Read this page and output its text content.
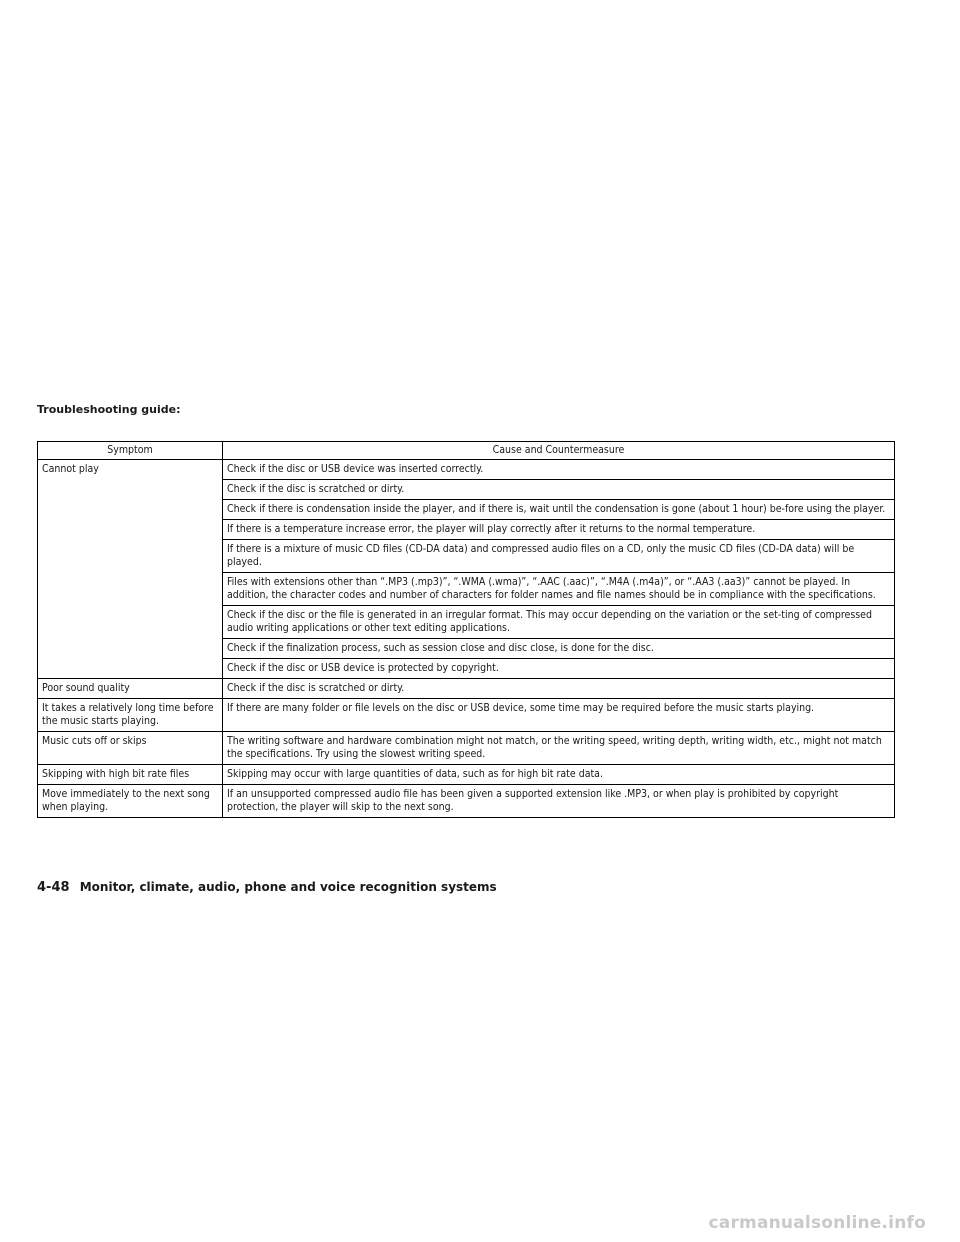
Troubleshooting guide:
Symptom	Cause and Countermeasure
Cannot play	Check if the disc or USB device was inserted correctly.
	Check if the disc is scratched or dirty.
	Check if there is condensation inside the player, and if there is, wait until the condensation is gone (about 1 hour) be-fore using the player.
	If there is a temperature increase error, the player will play correctly after it returns to the normal temperature.
	If there is a mixture of music CD files (CD-DA data) and compressed audio files on a CD, only the music CD files (CD-DA data) will be played.
	Files with extensions other than “.MP3 (.mp3)”, “.WMA (.wma)”, “.AAC (.aac)”, “.M4A (.m4a)”, or “.AA3 (.aa3)” cannot be played. In addition, the character codes and number of characters for folder names and file names should be in compliance with the specifications.
	Check if the disc or the file is generated in an irregular format. This may occur depending on the variation or the set-ting of compressed audio writing applications or other text editing applications.
	Check if the finalization process, such as session close and disc close, is done for the disc.
	Check if the disc or USB device is protected by copyright.
Poor sound quality	Check if the disc is scratched or dirty.
It takes a relatively long time before the music starts playing.	If there are many folder or file levels on the disc or USB device, some time may be required before the music starts playing.
Music cuts off or skips	The writing software and hardware combination might not match, or the writing speed, writing depth, writing width, etc., might not match the specifications. Try using the slowest writing speed.
Skipping with high bit rate files	Skipping may occur with large quantities of data, such as for high bit rate data.
Move immediately to the next song when playing.	If an unsupported compressed audio file has been given a supported extension like .MP3, or when play is prohibited by copyright protection, the player will skip to the next song.
4-48 Monitor, climate, audio, phone and voice recognition systems
carmanualsonline.info
